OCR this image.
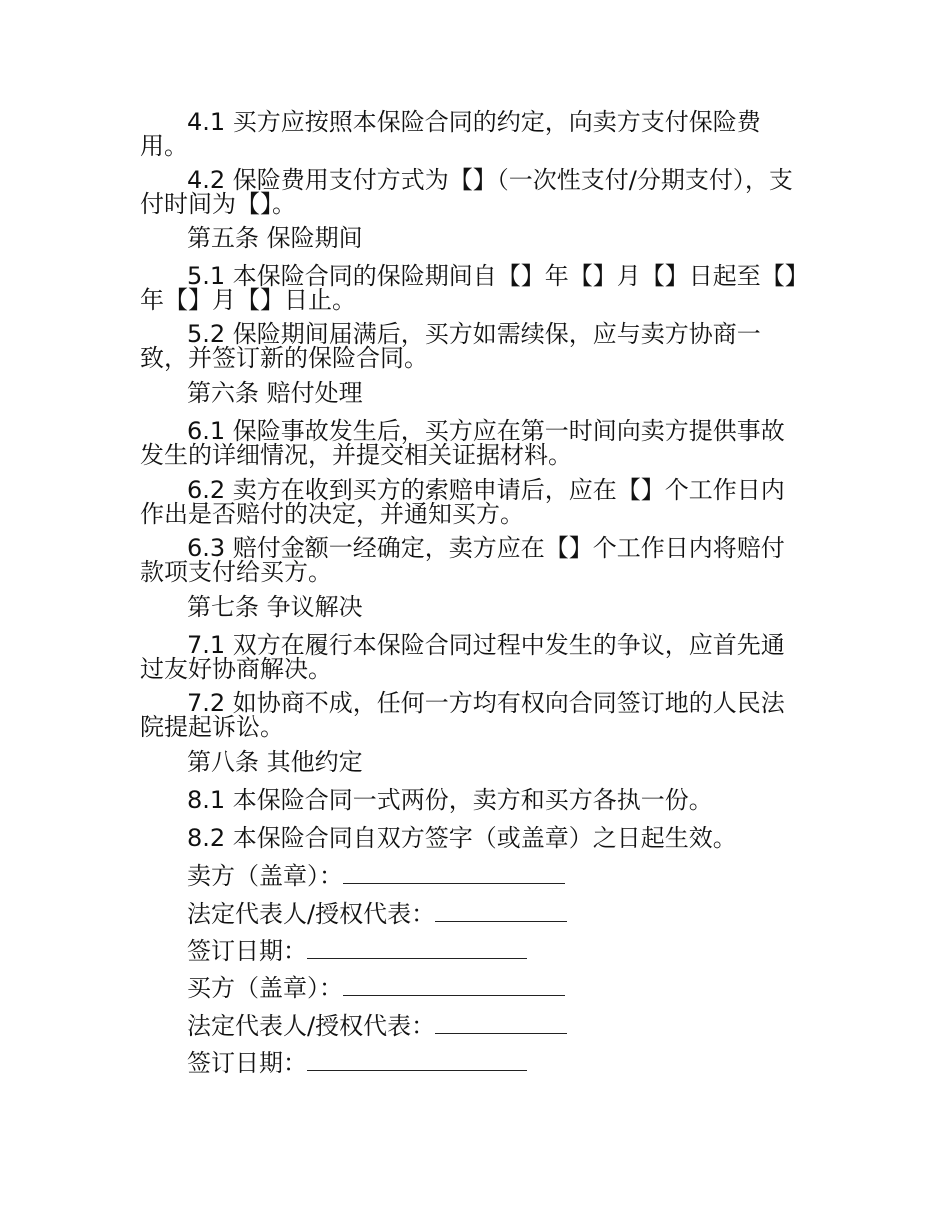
4.1 买方应按照本保险合同的约定，向卖方支付保险费用。

4.2 保险费用支付方式为【】（一次性支付/分期支付），支付时间为【】。

第五条 保险期间

5.1 本保险合同的保险期间自【】年【】月【】日起至【】年【】月【】日止。

5.2 保险期间届满后，买方如需续保，应与卖方协商一致，并签订新的保险合同。

第六条 赔付处理

6.1 保险事故发生后，买方应在第一时间向卖方提供事故发生的详细情况，并提交相关证据材料。

6.2 卖方在收到买方的索赔申请后，应在【】个工作日内作出是否赔付的决定，并通知买方。

6.3 赔付金额一经确定，卖方应在【】个工作日内将赔付款项支付给买方。

第七条 争议解决

7.1 双方在履行本保险合同过程中发生的争议，应首先通过友好协商解决。

7.2 如协商不成，任何一方均有权向合同签订地的人民法院提起诉讼。

第八条 其他约定

8.1 本保险合同一式两份，卖方和买方各执一份。

8.2 本保险合同自双方签字（或盖章）之日起生效。

卖方（盖章）：
法定代表人/授权代表：
签订日期：
买方（盖章）：
法定代表人/授权代表：
签订日期：
